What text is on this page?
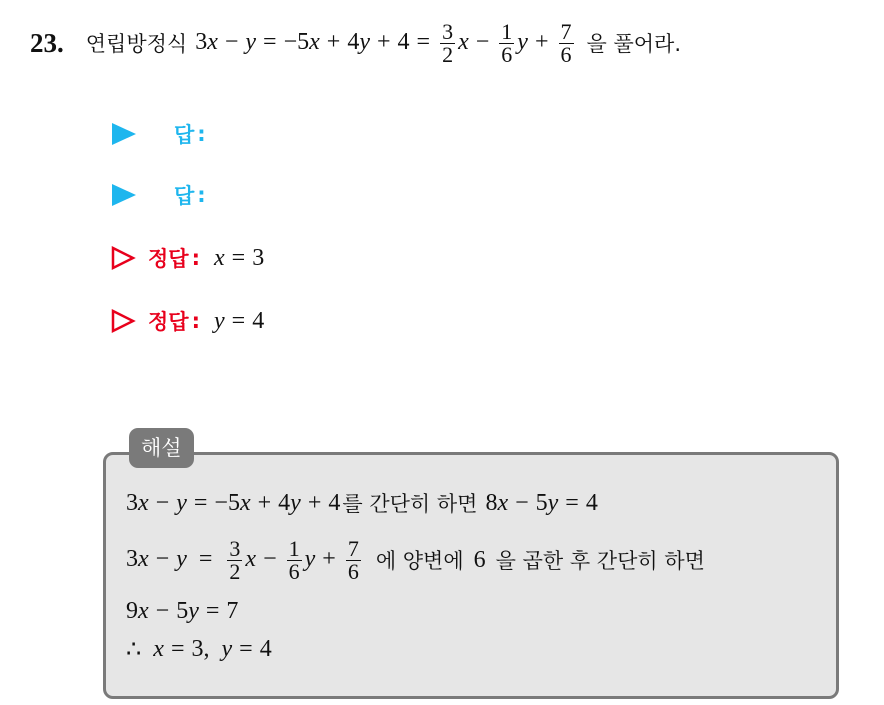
23. 연립방정식 $3x - y = -5x + 4y + 4 = \frac{3}{2}$ $x - \frac{1}{6}$ $y + \frac{7}{6}$ 을 풀어라.
답 :
답 :
정답 : x = 3
정답 : y = 4
해설
3x − y = −5x + 4y + 4 를 간단히 하면 8x − 5y = 4
$3x - y = \frac{3}{2}$ $x - \frac{1}{6}$ $y + \frac{7}{6}$ 에 양변에 6 을 곱한 후 간단히 하면
9x − 5y = 7
∴ x = 3,  y = 4
